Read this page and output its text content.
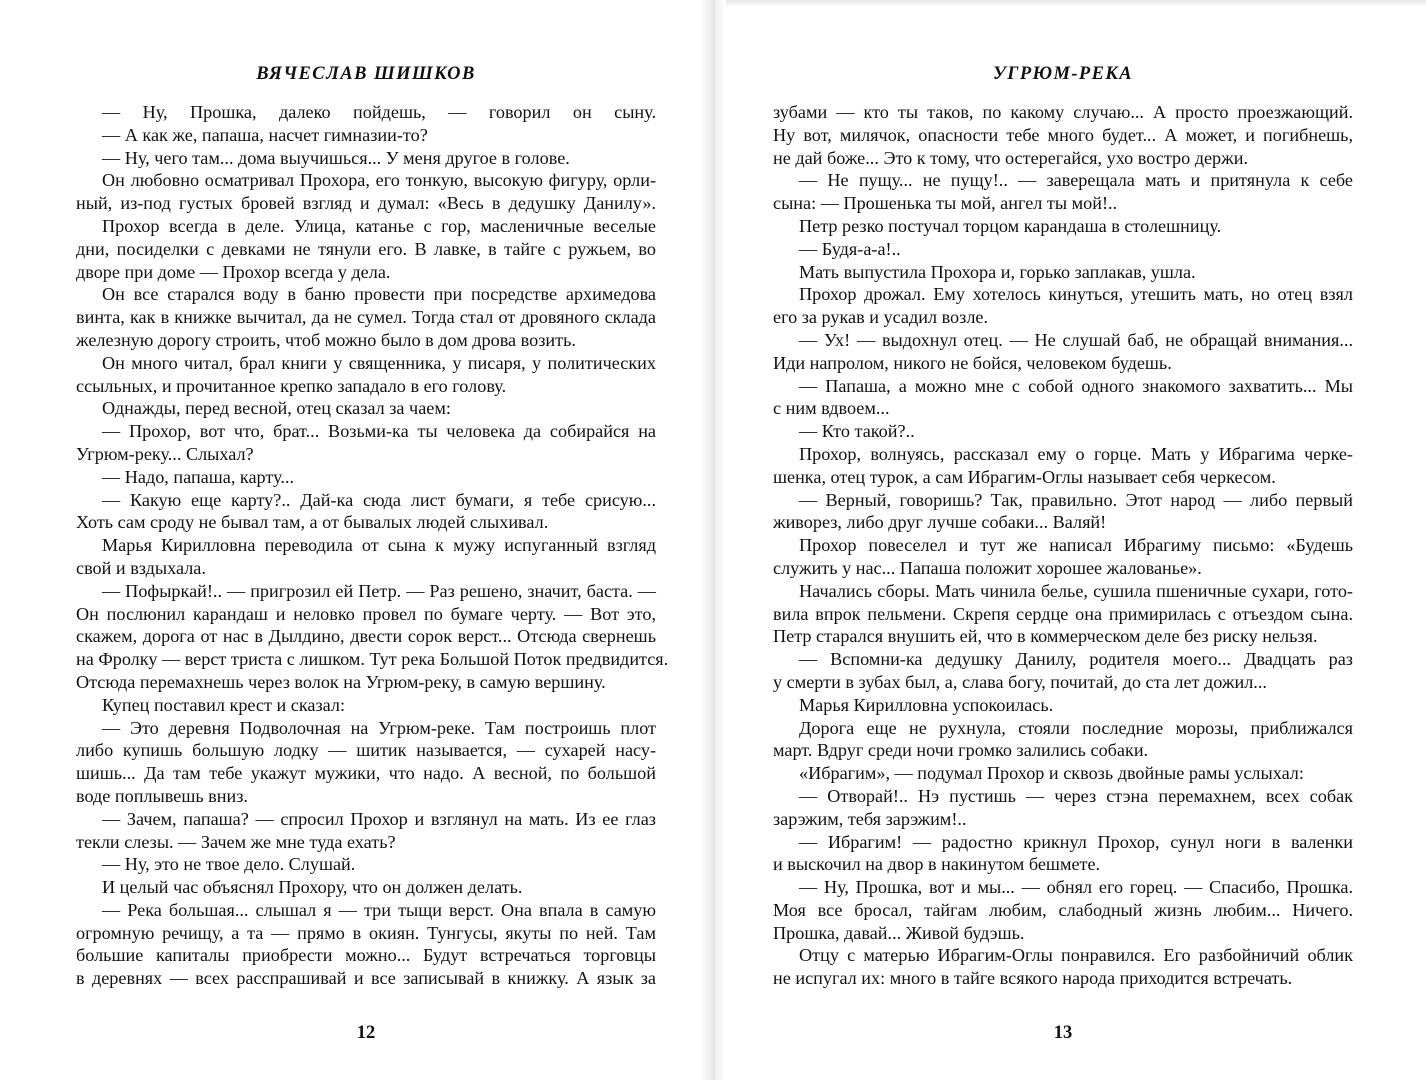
ВЯЧЕСЛАВ ШИШКОВ
— Ну, Прошка, далеко пойдешь, — говорил он сыну.
— А как же, папаша, насчет гимназии-то?
— Ну, чего там... дома выучишься... У меня другое в голове.
Он любовно осматривал Прохора, его тонкую, высокую фигуру, орли-
ный, из-под густых бровей взгляд и думал: «Весь в дедушку Данилу».
Прохор всегда в деле. Улица, катанье с гор, масленичные веселые
дни, посиделки с девками не тянули его. В лавке, в тайге с ружьем, во
дворе при доме — Прохор всегда у дела.
Он все старался воду в баню провести при посредстве архимедова
винта, как в книжке вычитал, да не сумел. Тогда стал от дровяного склада
железную дорогу строить, чтоб можно было в дом дрова возить.
Он много читал, брал книги у священника, у писаря, у политических
ссыльных, и прочитанное крепко западало в его голову.
Однажды, перед весной, отец сказал за чаем:
— Прохор, вот что, брат... Возьми-ка ты человека да собирайся на
Угрюм-реку... Слыхал?
— Надо, папаша, карту...
— Какую еще карту?.. Дай-ка сюда лист бумаги, я тебе срисую...
Хоть сам сроду не бывал там, а от бывалых людей слыхивал.
Марья Кирилловна переводила от сына к мужу испуганный взгляд
свой и вздыхала.
— Пофыркай!.. — пригрозил ей Петр. — Раз решено, значит, баста. —
Он послюнил карандаш и неловко провел по бумаге черту. — Вот это,
скажем, дорога от нас в Дылдино, двести сорок верст... Отсюда свернешь
на Фролку — верст триста с лишком. Тут река Большой Поток предвидится.
Отсюда перемахнешь через волок на Угрюм-реку, в самую вершину.
Купец поставил крест и сказал:
— Это деревня Подволочная на Угрюм-реке. Там построишь плот
либо купишь большую лодку — шитик называется, — сухарей насу-
шишь... Да там тебе укажут мужики, что надо. А весной, по большой
воде поплывешь вниз.
— Зачем, папаша? — спросил Прохор и взглянул на мать. Из ее глаз
текли слезы. — Зачем же мне туда ехать?
— Ну, это не твое дело. Слушай.
И целый час объяснял Прохору, что он должен делать.
— Река большая... слышал я — три тыщи верст. Она впала в самую
огромную речищу, а та — прямо в окиян. Тунгусы, якуты по ней. Там
большие капиталы приобрести можно... Будут встречаться торговцы
в деревнях — всех расспрашивай и все записывай в книжку. А язык за
12
УГРЮМ-РЕКА
зубами — кто ты таков, по какому случаю... А просто проезжающий.
Ну вот, милячок, опасности тебе много будет... А может, и погибнешь,
не дай боже... Это к тому, что остерегайся, ухо востро держи.
— Не пущу... не пущу!.. — заверещала мать и притянула к себе
сына: — Прошенька ты мой, ангел ты мой!..
Петр резко постучал торцом карандаша в столешницу.
— Будя-а-а!..
Мать выпустила Прохора и, горько заплакав, ушла.
Прохор дрожал. Ему хотелось кинуться, утешить мать, но отец взял
его за рукав и усадил возле.
— Ух! — выдохнул отец. — Не слушай баб, не обращай внимания...
Иди напролом, никого не бойся, человеком будешь.
— Папаша, а можно мне с собой одного знакомого захватить... Мы
с ним вдвоем...
— Кто такой?..
Прохор, волнуясь, рассказал ему о горце. Мать у Ибрагима черке-
шенка, отец турок, а сам Ибрагим-Оглы называет себя черкесом.
— Верный, говоришь? Так, правильно. Этот народ — либо первый
живорез, либо друг лучше собаки... Валяй!
Прохор повеселел и тут же написал Ибрагиму письмо: «Будешь
служить у нас... Папаша положит хорошее жалованье».
Начались сборы. Мать чинила белье, сушила пшеничные сухари, гото-
вила впрок пельмени. Скрепя сердце она примирилась с отъездом сына.
Петр старался внушить ей, что в коммерческом деле без риску нельзя.
— Вспомни-ка дедушку Данилу, родителя моего... Двадцать раз
у смерти в зубах был, а, слава богу, почитай, до ста лет дожил...
Марья Кирилловна успокоилась.
Дорога еще не рухнула, стояли последние морозы, приближался
март. Вдруг среди ночи громко залились собаки.
«Ибрагим», — подумал Прохор и сквозь двойные рамы услыхал:
— Отворай!.. Нэ пустишь — через стэна перемахнем, всех собак
зарэжим, тебя зарэжим!..
— Ибрагим! — радостно крикнул Прохор, сунул ноги в валенки
и выскочил на двор в накинутом бешмете.
— Ну, Прошка, вот и мы... — обнял его горец. — Спасибо, Прошка.
Моя все бросал, тайгам любим, слабодный жизнь любим... Ничего.
Прошка, давай... Живой будэшь.
Отцу с матерью Ибрагим-Оглы понравился. Его разбойничий облик
не испугал их: много в тайге всякого народа приходится встречать.
13
